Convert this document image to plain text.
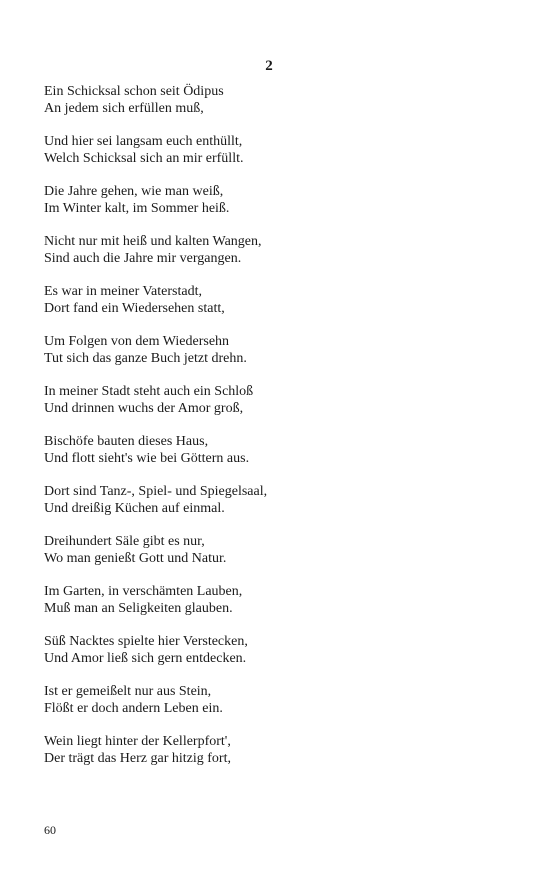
2
Ein Schicksal schon seit Ödipus
An jedem sich erfüllen muß,
Und hier sei langsam euch enthüllt,
Welch Schicksal sich an mir erfüllt.
Die Jahre gehen, wie man weiß,
Im Winter kalt, im Sommer heiß.
Nicht nur mit heiß und kalten Wangen,
Sind auch die Jahre mir vergangen.
Es war in meiner Vaterstadt,
Dort fand ein Wiedersehen statt,
Um Folgen von dem Wiedersehn
Tut sich das ganze Buch jetzt drehn.
In meiner Stadt steht auch ein Schloß
Und drinnen wuchs der Amor groß,
Bischöfe bauten dieses Haus,
Und flott sieht's wie bei Göttern aus.
Dort sind Tanz-, Spiel- und Spiegelsaal,
Und dreißig Küchen auf einmal.
Dreihundert Säle gibt es nur,
Wo man genießt Gott und Natur.
Im Garten, in verschämten Lauben,
Muß man an Seligkeiten glauben.
Süß Nacktes spielte hier Verstecken,
Und Amor ließ sich gern entdecken.
Ist er gemeißelt nur aus Stein,
Flößt er doch andern Leben ein.
Wein liegt hinter der Kellerpfort',
Der trägt das Herz gar hitzig fort,
60
